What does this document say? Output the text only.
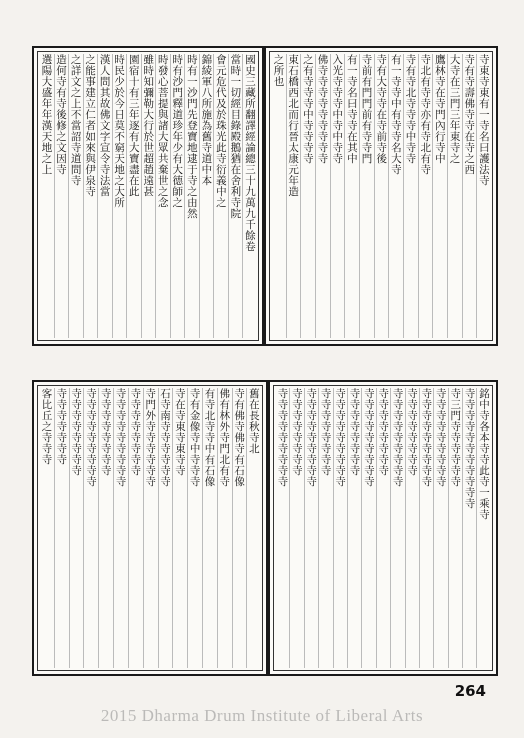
國史三藏所翻譯經論總三十九萬九千餘卷
當時一切經目錄殿鵝猶在舍利寺院
會元危代及於珠光此寺衍義中之
錦綾軍八所施為舊寺道中本
時有一沙門先登寶地逮于寺之由然
時有沙門釋道珍年少有大德師之
時發心菩提與諸大眾共棄世之念
雖時知彌勒大行於世超趙遠甚
園宿十有三年逐有大寶盡在此
時民少於今日莫不窮天地之大所
漢人問其故佛文字宣令寺法當
之能事建立仁者如來與伊泉寺
之詳文之上不當詔寺道問寺
造何寺有寺後修之文因寺
選陽大盛年年漢天地之上	寺東寺東有一寺名曰護法寺
寺有寺壽佛寺寺在寺之西
大寺在三門三年東寺之
鷹林寺在寺門內行寺中
寺北有寺寺亦有寺北有寺
寺有寺北寺寺寺中寺寺
有一寺寺中有寺寺名大寺
寺有大寺寺在寺前寺後
寺前有門門前有寺寺門
有一寺名曰寺寺在其中
入光寺寺寺中寺中寺寺
佛寺寺寺寺寺寺寺寺寺
之有寺寺寺中寺寺寺寺
東石橋西北而行晉太康元年造
之所也
舊在長秋寺北
寺有佛寺佛寺有石像
佛有林外寺門北有寺
有寺北寺寺中有石像
寺有金像寺中寺寺寺
寺在寺東寺東寺寺
石寺南寺寺寺寺寺寺
寺門外寺寺寺寺寺寺
寺寺寺寺寺寺寺寺
寺寺寺寺寺寺寺寺寺
寺寺寺寺寺寺寺寺
寺寺寺寺寺寺寺寺寺
寺寺寺寺寺寺寺寺
寺寺寺寺寺寺寺
客比丘之寺寺寺	銘中寺各本寺寺此寺一乘寺
寺寺寺寺寺寺寺寺寺寺寺
寺三門寺寺寺寺寺寺
寺寺寺寺寺寺寺寺寺
寺寺寺寺寺寺寺寺寺
寺寺寺寺寺寺寺寺
寺寺寺寺寺寺寺寺寺
寺寺寺寺寺寺寺寺
寺寺寺寺寺寺寺寺寺
寺寺寺寺寺寺寺寺
寺寺寺寺寺寺寺寺寺
寺寺寺寺寺寺寺寺
寺寺寺寺寺寺寺寺寺
寺寺寺寺寺寺寺寺
寺寺寺寺寺寺寺寺寺
264
2015 Dharma Drum Institute of Liberal Arts
